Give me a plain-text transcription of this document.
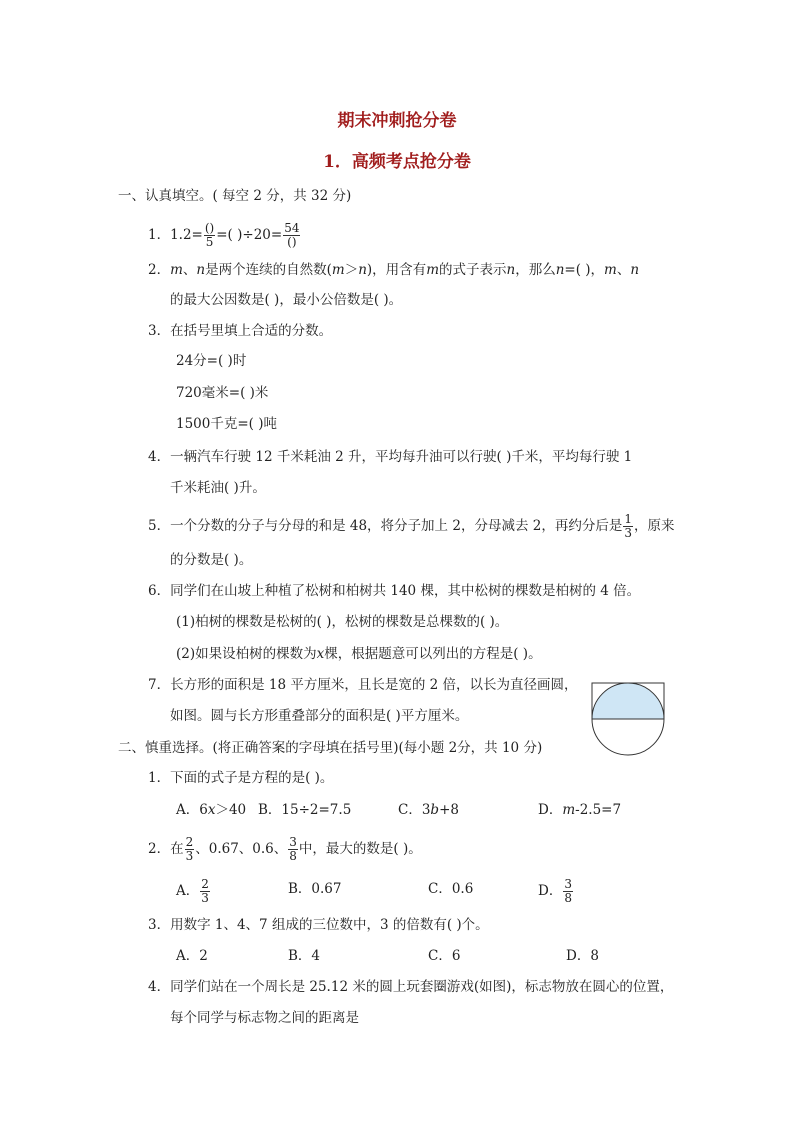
期末冲刺抢分卷
1．高频考点抢分卷
一、认真填空。( 每空 2 分，共 32 分)
1．$1.2= \frac{()}{5}$ =( )$\div 20= \frac{54}{()}$
2．m、n是两个连续的自然数(m＞n)，用含有m的式子表示n，那么n=( )，m、n
的最大公因数是( )，最小公倍数是( )。
3．在括号里填上合适的分数。
24分=( )时
720毫米=( )米
1500千克=( )吨
4．一辆汽车行驶 12 千米耗油 2 升，平均每升油可以行驶( )千米，平均每行驶 1
千米耗油( )升。
5．一个分数的分子与分母的和是 48，将分子加上 2，分母减去 2，再约分后是 $\frac{1}{3}$ ，原来
的分数是( )。
6．同学们在山坡上种植了松树和柏树共 140 棵，其中松树的棵数是柏树的 4 倍。
(1)柏树的棵数是松树的( )，松树的棵数是总棵数的( )。
(2)如果设柏树的棵数为x棵，根据题意可以列出的方程是( )。
7．长方形的面积是 18 平方厘米，且长是宽的 2 倍，以长为直径画圆，
如图。圆与长方形重叠部分的面积是( )平方厘米。
二、慎重选择。(将正确答案的字母填在括号里)(每小题 2分，共 10 分)
1．下面的式子是方程的是( )。
A．6x＞40 B．15÷2=7.5	C．3b+8	D．m-2.5=7
2．在 $\frac{2}{3}$ 、0.67、0.6、 $\frac{3}{8}$ 中，最大的数是( )。
A． $\frac{2}{3}$	B．0.67	C．0.6	D． $\frac{3}{8}$
3．用数字 1、4、7 组成的三位数中，3 的倍数有( )个。
A．2	B．4	C．6	D．8
4．同学们站在一个周长是 25.12 米的圆上玩套圈游戏(如图)，标志物放在圆心的位置，
每个同学与标志物之间的距离是
